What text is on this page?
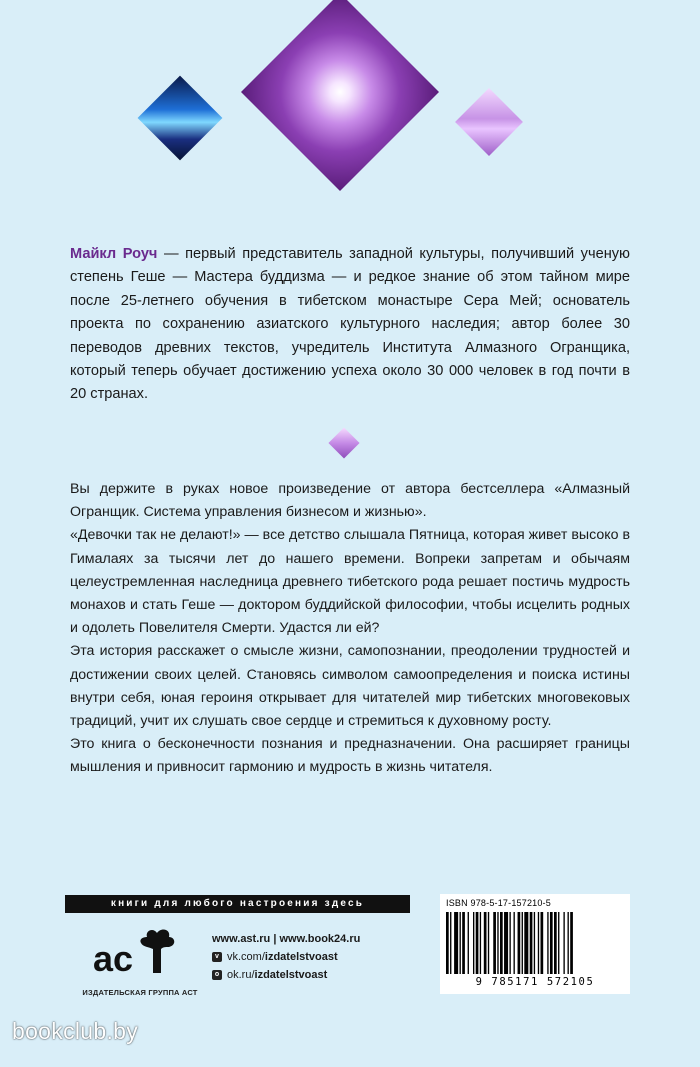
Майкл Роуч — первый представитель западной культуры, получивший ученую степень Геше — Мастера буддизма — и редкое знание об этом тайном мире после 25-летнего обучения в тибетском монастыре Сера Мей; основатель проекта по сохранению азиатского культурного наследия; автор более 30 переводов древних текстов, учредитель Института Алмазного Огранщика, который теперь обучает достижению успеха около 30 000 человек в год почти в 20 странах.

Вы держите в руках новое произведение от автора бестселлера «Алмазный Огранщик. Система управления бизнесом и жизнью».

«Девочки так не делают!» — все детство слышала Пятница, которая живет высоко в Гималаях за тысячи лет до нашего времени. Вопреки запретам и обычаям целеустремленная наследница древнего тибетского рода решает постичь мудрость монахов и стать Геше — доктором буддийской философии, чтобы исцелить родных и одолеть Повелителя Смерти. Удастся ли ей?

Эта история расскажет о смысле жизни, самопознании, преодолении трудностей и достижении своих целей. Становясь символом самоопределения и поиска истины внутри себя, юная героиня открывает для читателей мир тибетских многовековых традиций, учит их слушать свое сердце и стремиться к духовному росту.

Это книга о бесконечности познания и предназначении. Она расширяет границы мышления и привносит гармонию и мудрость в жизнь читателя.

книги для любого настроения здесь
ac
ИЗДАТЕЛЬСКАЯ ГРУППА АСТ
www.ast.ru | www.book24.ru
v vk.com/ izdatelstvoast
o ok.ru/ izdatelstvoast
ISBN 978-5-17-157210-5
9 785171 572105
bookclub.by
